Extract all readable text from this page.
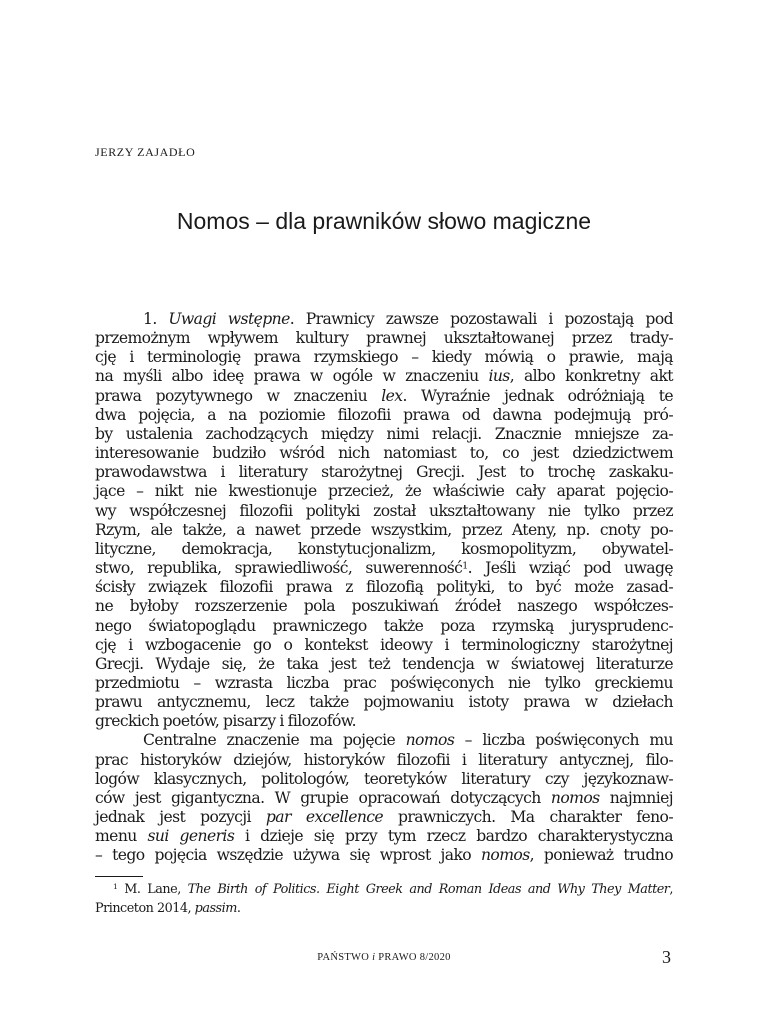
JERZY ZAJADŁO
Nomos – dla prawników słowo magiczne
1. Uwagi wstępne. Prawnicy zawsze pozostawali i pozostają pod
przemożnym wpływem kultury prawnej ukształtowanej przez trady-
cję i terminologię prawa rzymskiego – kiedy mówią o prawie, mają
na myśli albo ideę prawa w ogóle w znaczeniu ius, albo konkretny akt
prawa pozytywnego w znaczeniu lex. Wyraźnie jednak odróżniają te
dwa pojęcia, a na poziomie filozofii prawa od dawna podejmują pró-
by ustalenia zachodzących między nimi relacji. Znacznie mniejsze za-
interesowanie budziło wśród nich natomiast to, co jest dziedzictwem
prawodawstwa i literatury starożytnej Grecji. Jest to trochę zaskaku-
jące – nikt nie kwestionuje przecież, że właściwie cały aparat pojęcio-
wy współczesnej filozofii polityki został ukształtowany nie tylko przez
Rzym, ale także, a nawet przede wszystkim, przez Ateny, np. cnoty po-
lityczne, demokracja, konstytucjonalizm, kosmopolityzm, obywatel-
stwo, republika, sprawiedliwość, suwerenność$^1$. Jeśli wziąć pod uwagę
ścisły związek filozofii prawa z filozofią polityki, to być może zasad-
ne byłoby rozszerzenie pola poszukiwań źródeł naszego współczes-
nego światopoglądu prawniczego także poza rzymską jurysprudenc-
cję i wzbogacenie go o kontekst ideowy i terminologiczny starożytnej
Grecji. Wydaje się, że taka jest też tendencja w światowej literaturze
przedmiotu – wzrasta liczba prac poświęconych nie tylko greckiemu
prawu antycznemu, lecz także pojmowaniu istoty prawa w dziełach
greckich poetów, pisarzy i filozofów.
Centralne znaczenie ma pojęcie nomos – liczba poświęconych mu
prac historyków dziejów, historyków filozofii i literatury antycznej, filo-
logów klasycznych, politologów, teoretyków literatury czy językoznaw-
ców jest gigantyczna. W grupie opracowań dotyczących nomos najmniej
jednak jest pozycji par excellence prawniczych. Ma charakter feno-
menu sui generis i dzieje się przy tym rzecz bardzo charakterystyczna
– tego pojęcia wszędzie używa się wprost jako nomos, ponieważ trudno
$^1$ M. Lane, The Birth of Politics. Eight Greek and Roman Ideas and Why They Matter,
Princeton 2014, passim.
PAŃSTWO i PRAWO 8/2020	3
